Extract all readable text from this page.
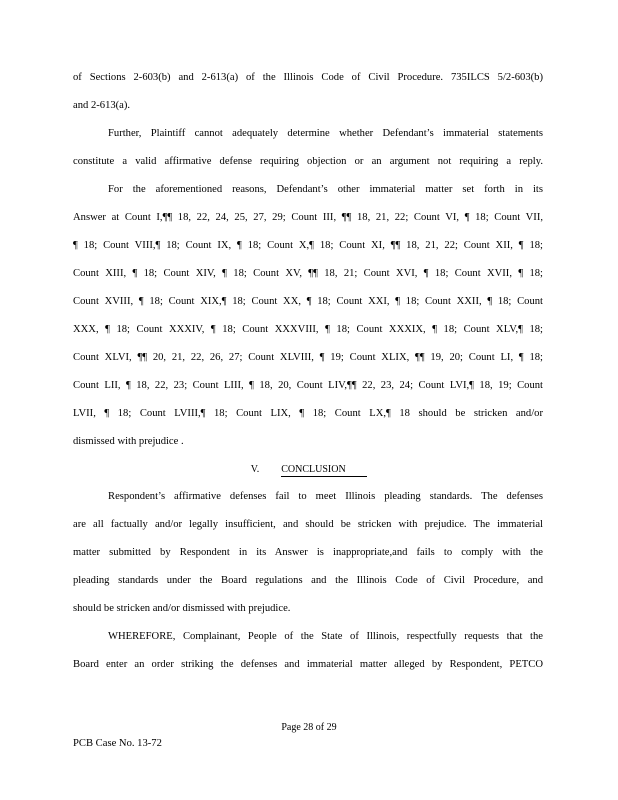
of Sections 2-603(b) and 2-613(a) of the Illinois Code of Civil Procedure. 735ILCS 5/2-603(b)
and 2-613(a).
Further, Plaintiff cannot adequately determine whether Defendant’s immaterial statements
constitute a valid affirmative defense requiring objection or an argument not requiring a reply.
For the aforementioned reasons, Defendant’s other immaterial matter set forth in its
Answer at Count I,¶¶ 18, 22, 24, 25, 27, 29; Count III, ¶¶ 18, 21, 22; Count VI, ¶ 18; Count VII,
¶ 18; Count VIII,¶ 18; Count IX, ¶ 18; Count X,¶ 18; Count XI, ¶¶ 18, 21, 22; Count XII, ¶ 18;
Count XIII, ¶ 18; Count XIV, ¶ 18; Count XV, ¶¶ 18, 21; Count XVI, ¶ 18; Count XVII, ¶ 18;
Count XVIII, ¶ 18; Count XIX,¶ 18; Count XX, ¶ 18; Count XXI, ¶ 18; Count XXII, ¶ 18; Count
XXX, ¶ 18; Count XXXIV, ¶ 18; Count XXXVIII, ¶ 18; Count XXXIX, ¶ 18; Count XLV,¶ 18;
Count XLVI, ¶¶ 20, 21, 22, 26, 27; Count XLVIII, ¶ 19; Count XLIX, ¶¶ 19, 20; Count LI, ¶ 18;
Count LII, ¶ 18, 22, 23; Count LIII, ¶ 18, 20, Count LIV,¶¶ 22, 23, 24; Count LVI,¶ 18, 19; Count
LVII, ¶ 18; Count LVIII,¶ 18; Count LIX, ¶ 18; Count LX,¶ 18 should be stricken and/or
dismissed with prejudice .
V. CONCLUSION
Respondent’s affirmative defenses fail to meet Illinois pleading standards. The defenses
are all factually and/or legally insufficient, and should be stricken with prejudice. The immaterial
matter submitted by Respondent in its Answer is inappropriate,and fails to comply with the
pleading standards under the Board regulations and the Illinois Code of Civil Procedure, and
should be stricken and/or dismissed with prejudice.
WHEREFORE, Complainant, People of the State of Illinois, respectfully requests that the
Board enter an order striking the defenses and immaterial matter alleged by Respondent, PETCO
Page 28 of 29
PCB Case No. 13-72
